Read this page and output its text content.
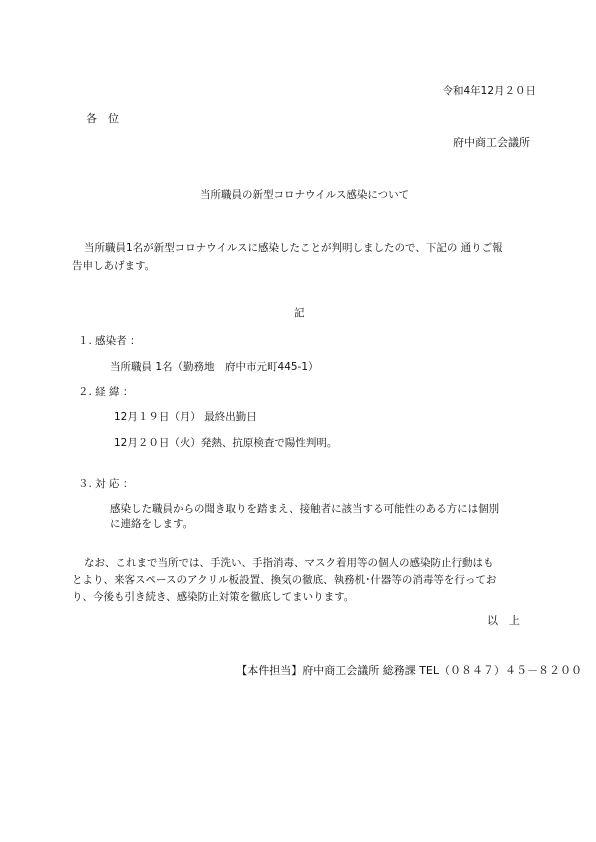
令和4年12月２０日
各　位
府中商工会議所
当所職員の新型コロナウイルス感染について
当所職員1名が新型コロナウイルスに感染したことが判明しましたので、下記の 通りご報
告申しあげます。
記
１. 感染者 ：
当所職員 1名（勤務地　府中市元町445-1）
２. 経 緯 ：
12月１９日（月） 最終出勤日
12月２０日（火）発熱、抗原検査で陽性判明。
３. 対 応 ：
感染した職員からの聞き取りを踏まえ、接触者に該当する可能性のある方には個別
に連絡をします。
なお、これまで当所では、手洗い、手指消毒、マスク着用等の個人の感染防止行動はも
とより、来客スペースのアクリル板設置、換気の徹底、執務机･什器等の消毒等を行ってお
り、今後も引き続き、感染防止対策を徹底してまいります。
以　上
【本件担当】府中商工会議所 総務課 TEL（０８４７）４５－８２００
